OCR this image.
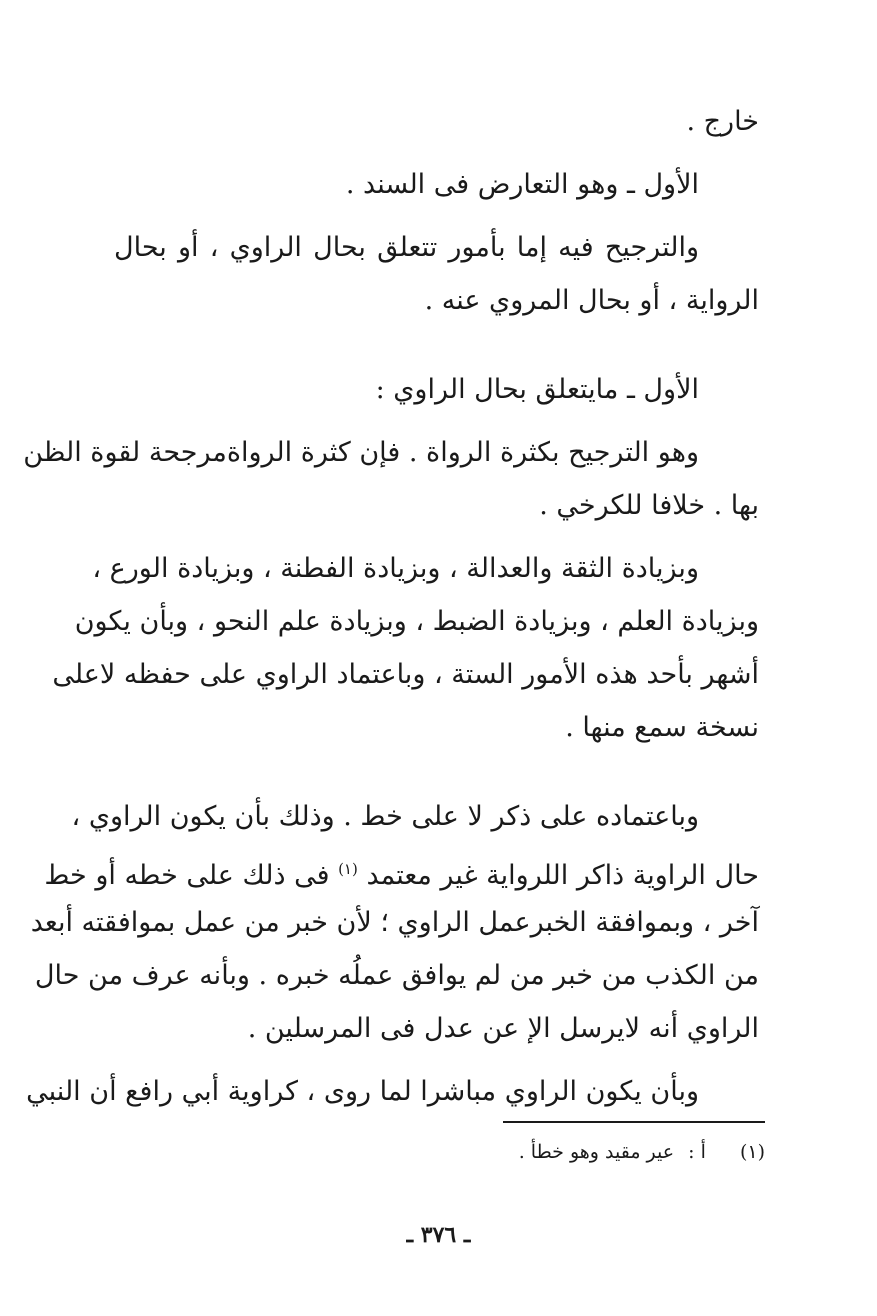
خارج .
الأول ـ وهو التعارض فى السند .
والترجيح فيه إما بأمور تتعلق بحال الراوي ، أو بحال
الرواية ، أو بحال المروي عنه .
الأول ـ مايتعلق بحال الراوي :
وهو الترجيح بكثرة الرواة . فإن كثرة الرواةمرجحة لقوة الظن
بها . خلافا للكرخي .
وبزيادة الثقة والعدالة ، وبزيادة الفطنة ، وبزيادة الورع ،
وبزيادة العلم ، وبزيادة الضبط ، وبزيادة علم النحو ، وبأن يكون
أشهر بأحد هذه الأمور الستة ، وباعتماد الراوي على حفظه لاعلى
نسخة سمع منها .
وباعتماده على ذكر لا على خط . وذلك بأن يكون الراوي ،
حال الراوية ذاكر اللرواية غير معتمد $^{(١)}$ فى ذلك على خطه أو خط
آخر ، وبموافقة الخبرعمل الراوي ؛ لأن خبر من عمل بموافقته أبعد
من الكذب من خبر من لم يوافق عملُه خبره . وبأنه عرف من حال
الراوي أنه لايرسل الإ عن عدل فى المرسلين .
وبأن يكون الراوي مباشرا لما روى ، كراوية أبي رافع أن النبي
(١) أ : عير مقيد وهو خطأ .
ـ ٣٧٦ ـ
